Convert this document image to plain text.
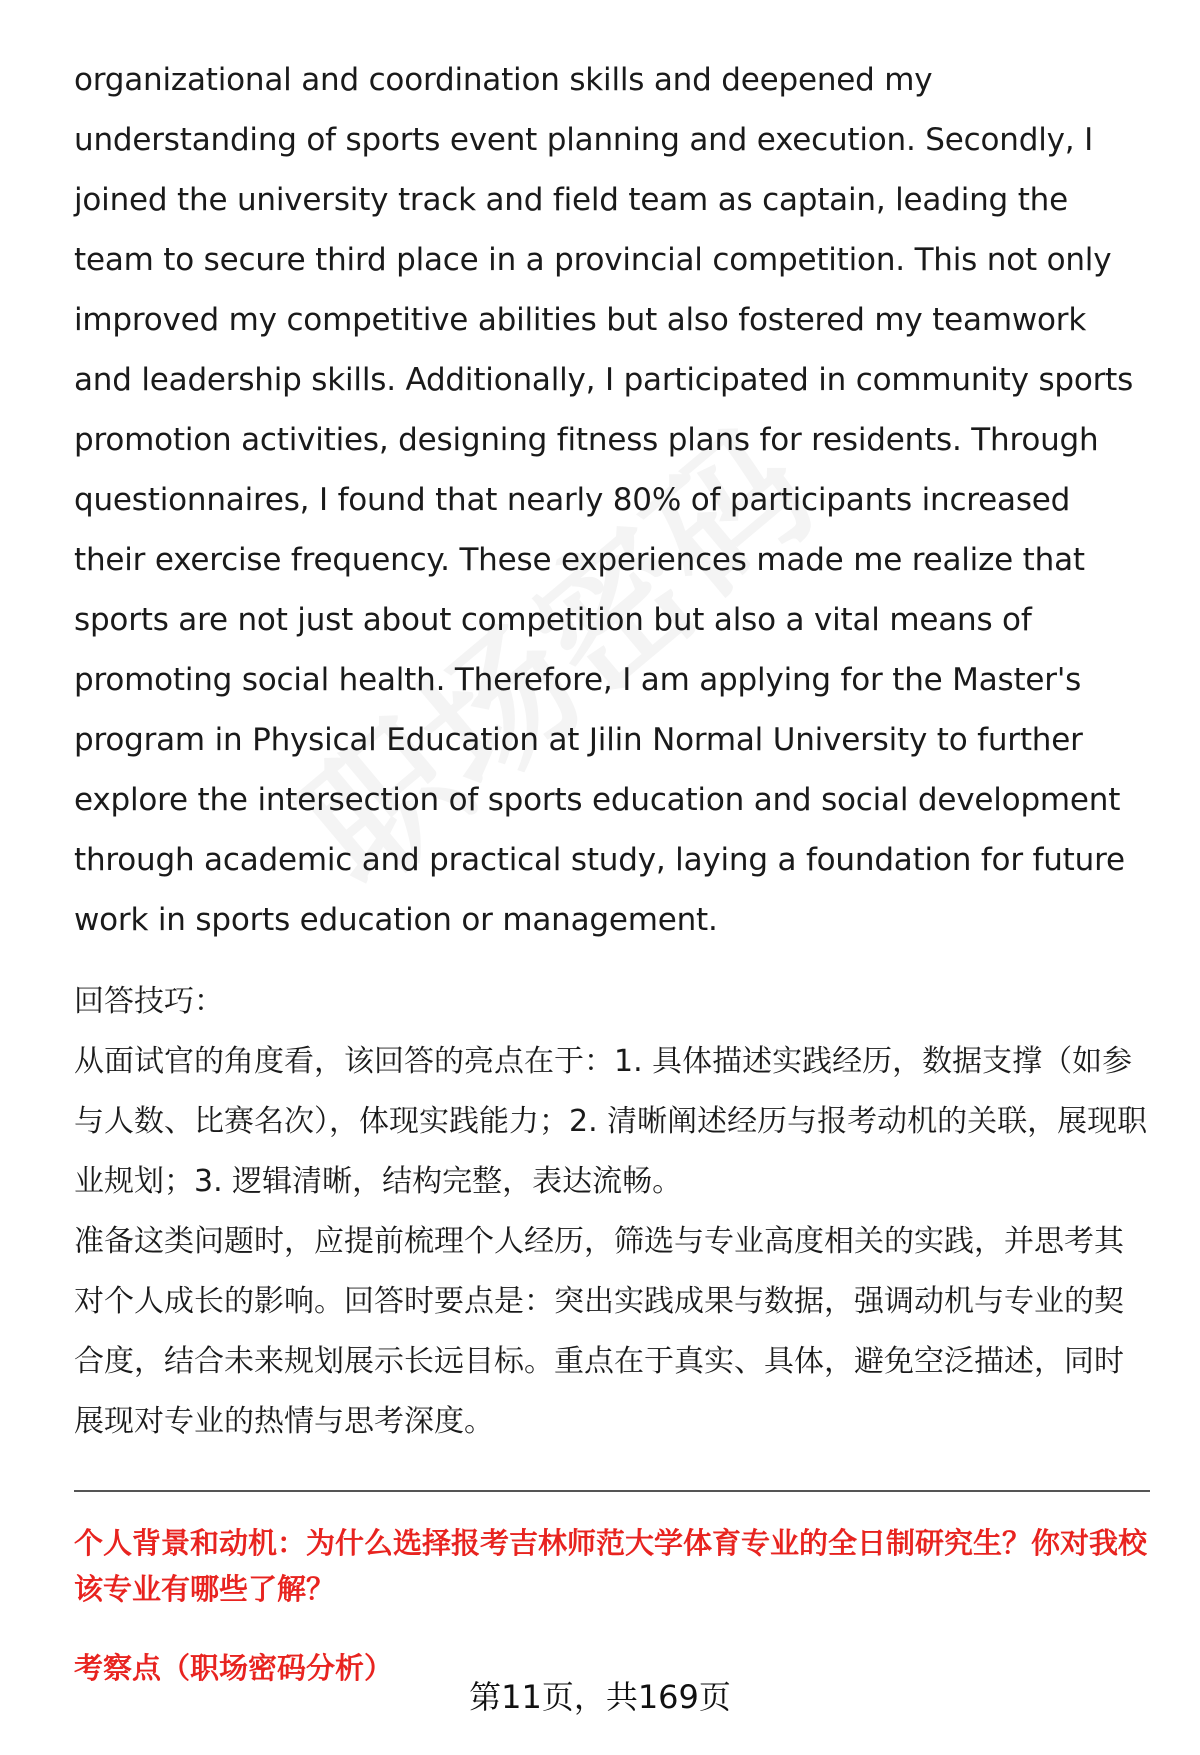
organizational and coordination skills and deepened my understanding of sports event planning and execution. Secondly, I joined the university track and field team as captain, leading the team to secure third place in a provincial competition. This not only improved my competitive abilities but also fostered my teamwork and leadership skills. Additionally, I participated in community sports promotion activities, designing fitness plans for residents. Through questionnaires, I found that nearly 80% of participants increased their exercise frequency. These experiences made me realize that sports are not just about competition but also a vital means of promoting social health. Therefore, I am applying for the Master's program in Physical Education at Jilin Normal University to further explore the intersection of sports education and social development through academic and practical study, laying a foundation for future work in sports education or management.

回答技巧：

从面试官的角度看，该回答的亮点在于：1. 具体描述实践经历，数据支撑（如参与人数、比赛名次），体现实践能力；2. 清晰阐述经历与报考动机的关联，展现职业规划；3. 逻辑清晰，结构完整，表达流畅。

准备这类问题时，应提前梳理个人经历，筛选与专业高度相关的实践，并思考其对个人成长的影响。回答时要点是：突出实践成果与数据，强调动机与专业的契合度，结合未来规划展示长远目标。重点在于真实、具体，避免空泛描述，同时展现对专业的热情与思考深度。

个人背景和动机：为什么选择报考吉林师范大学体育专业的全日制研究生？你对我校该专业有哪些了解？

考察点（职场密码分析）

第11页，共169页
